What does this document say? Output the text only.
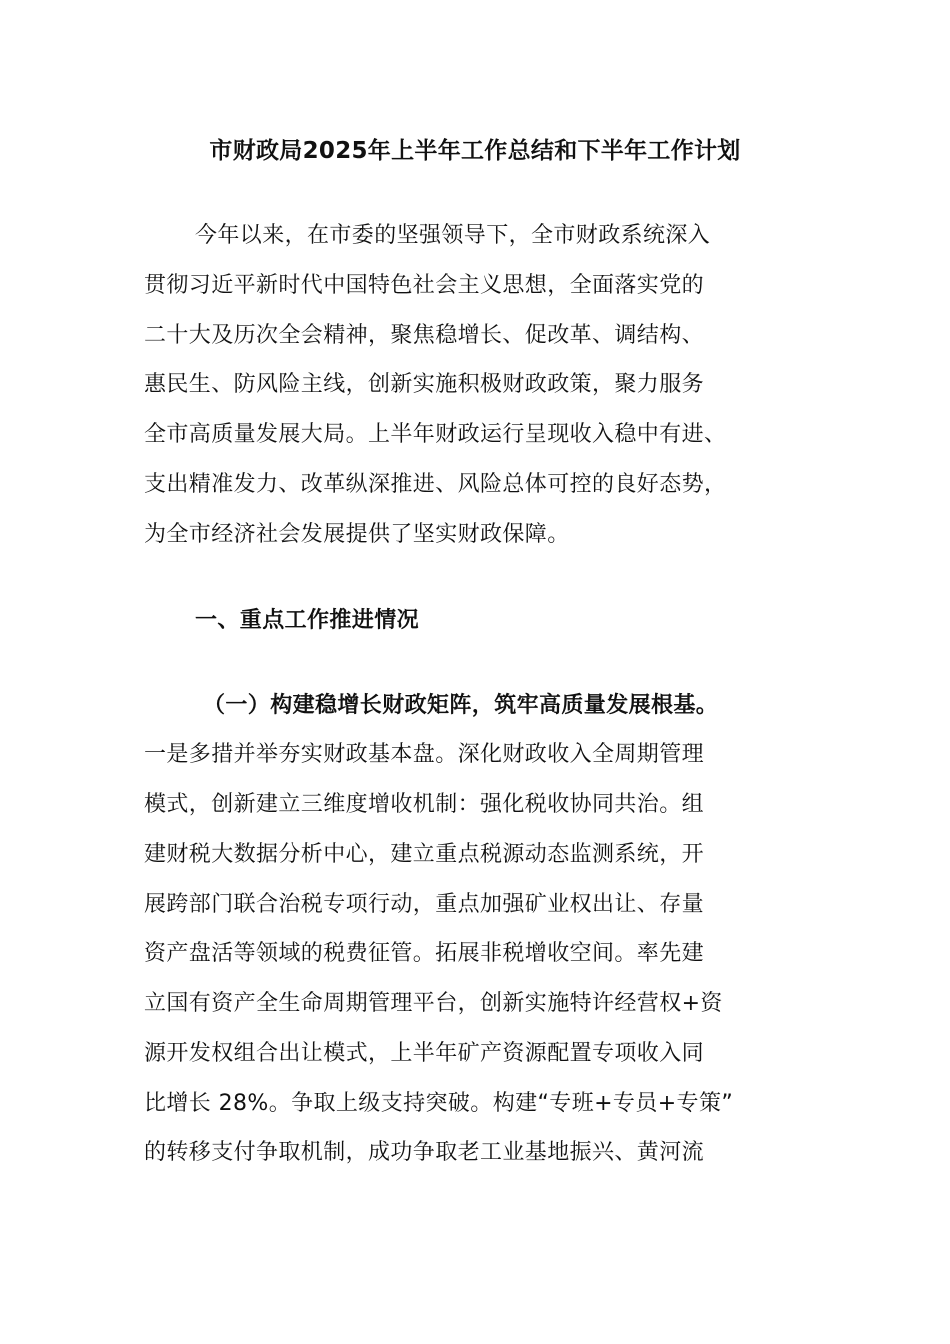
市财政局2025年上半年工作总结和下半年工作计划
今年以来，在市委的坚强领导下，全市财政系统深入
贯彻习近平新时代中国特色社会主义思想，全面落实党的
二十大及历次全会精神，聚焦稳增长、促改革、调结构、
惠民生、防风险主线，创新实施积极财政政策，聚力服务
全市高质量发展大局。上半年财政运行呈现收入稳中有进、
支出精准发力、改革纵深推进、风险总体可控的良好态势，
为全市经济社会发展提供了坚实财政保障。
一、重点工作推进情况
（一）构建稳增长财政矩阵，筑牢高质量发展根基。
一是多措并举夯实财政基本盘。深化财政收入全周期管理
模式，创新建立三维度增收机制：强化税收协同共治。组
建财税大数据分析中心，建立重点税源动态监测系统，开
展跨部门联合治税专项行动，重点加强矿业权出让、存量
资产盘活等领域的税费征管。拓展非税增收空间。率先建
立国有资产全生命周期管理平台，创新实施特许经营权+资
源开发权组合出让模式，上半年矿产资源配置专项收入同
比增长 28%。争取上级支持突破。构建“专班+专员+专策”
的转移支付争取机制，成功争取老工业基地振兴、黄河流
